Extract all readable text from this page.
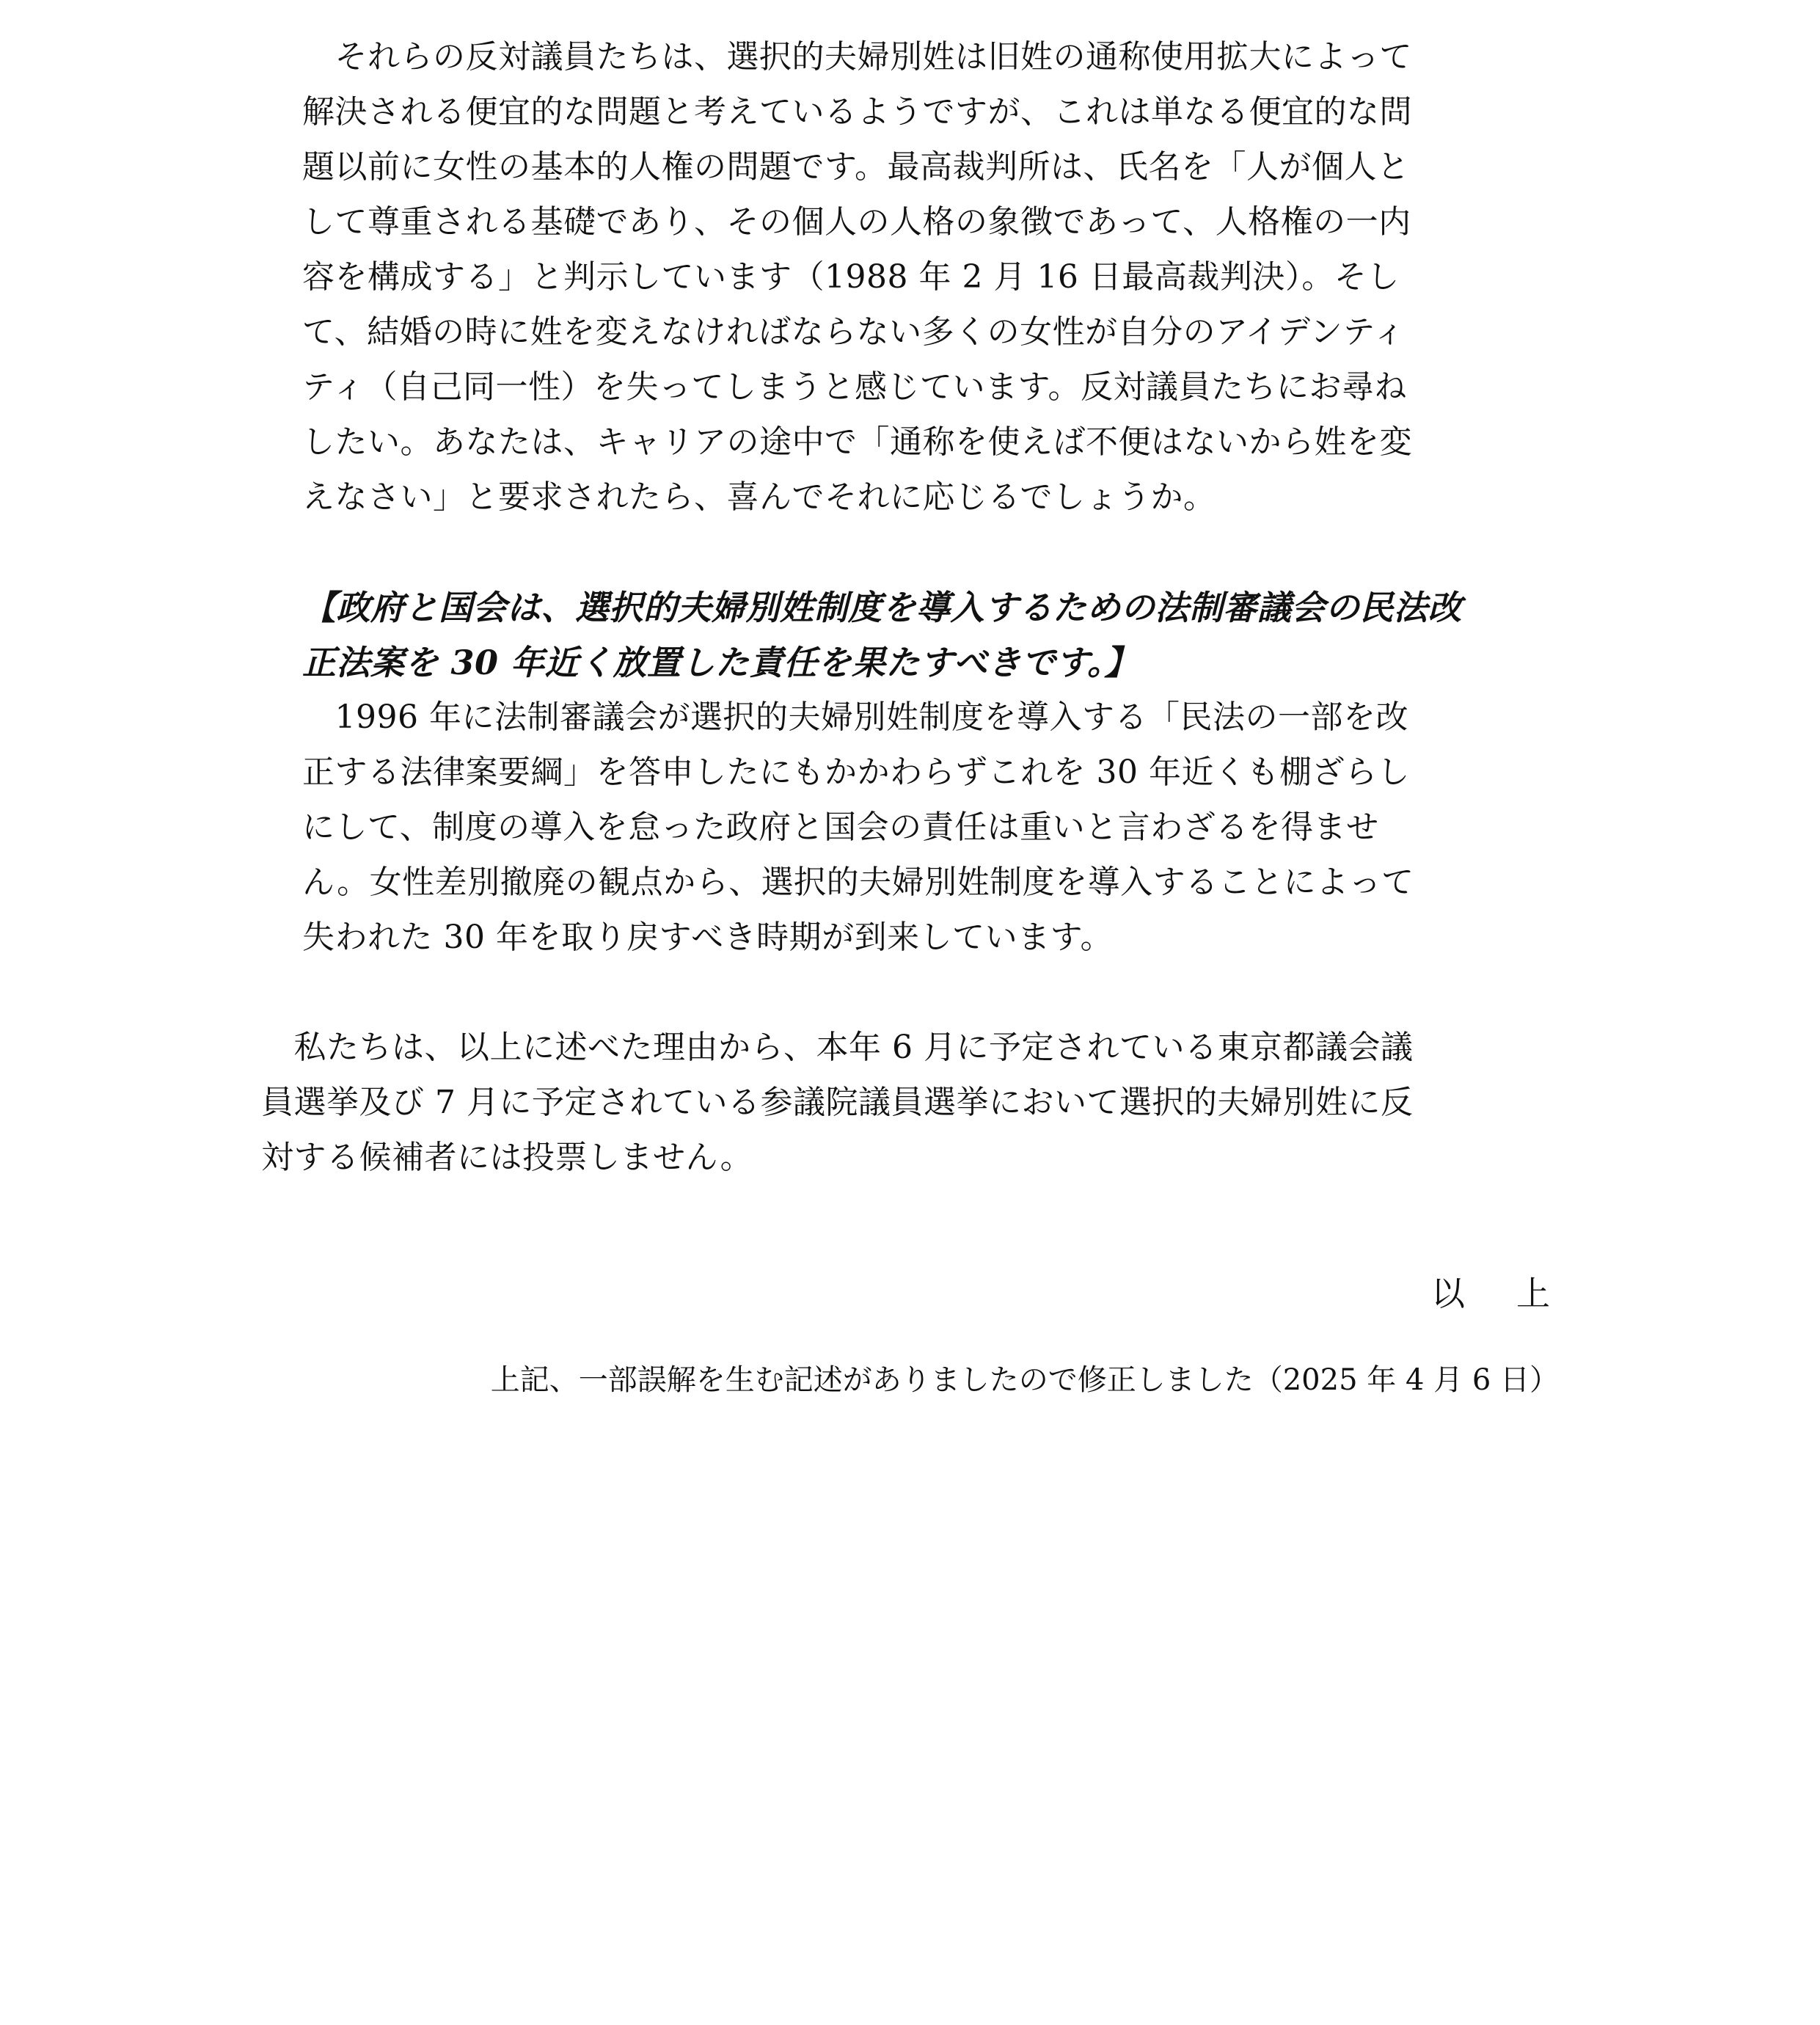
　それらの反対議員たちは、選択的夫婦別姓は旧姓の通称使用拡大によって
解決される便宜的な問題と考えているようですが、これは単なる便宜的な問
題以前に女性の基本的人権の問題です。最高裁判所は、氏名を「人が個人と
して尊重される基礎であり、その個人の人格の象徴であって、人格権の一内
容を構成する」と判示しています（1988 年 2 月 16 日最高裁判決）。そし
て、結婚の時に姓を変えなければならない多くの女性が自分のアイデンティ
ティ（自己同一性）を失ってしまうと感じています。反対議員たちにお尋ね
したい。あなたは、キャリアの途中で「通称を使えば不便はないから姓を変
えなさい」と要求されたら、喜んでそれに応じるでしょうか。
【政府と国会は、選択的夫婦別姓制度を導入するための法制審議会の民法改
正法案を 30 年近く放置した責任を果たすべきです。】
　1996 年に法制審議会が選択的夫婦別姓制度を導入する「民法の一部を改
正する法律案要綱」を答申したにもかかわらずこれを 30 年近くも棚ざらし
にして、制度の導入を怠った政府と国会の責任は重いと言わざるを得ませ
ん。女性差別撤廃の観点から、選択的夫婦別姓制度を導入することによって
失われた 30 年を取り戻すべき時期が到来しています。
　私たちは、以上に述べた理由から、本年 6 月に予定されている東京都議会議
員選挙及び 7 月に予定されている参議院議員選挙において選択的夫婦別姓に反
対する候補者には投票しません。
以　上
上記、一部誤解を生む記述がありましたので修正しました（2025 年 4 月 6 日）
